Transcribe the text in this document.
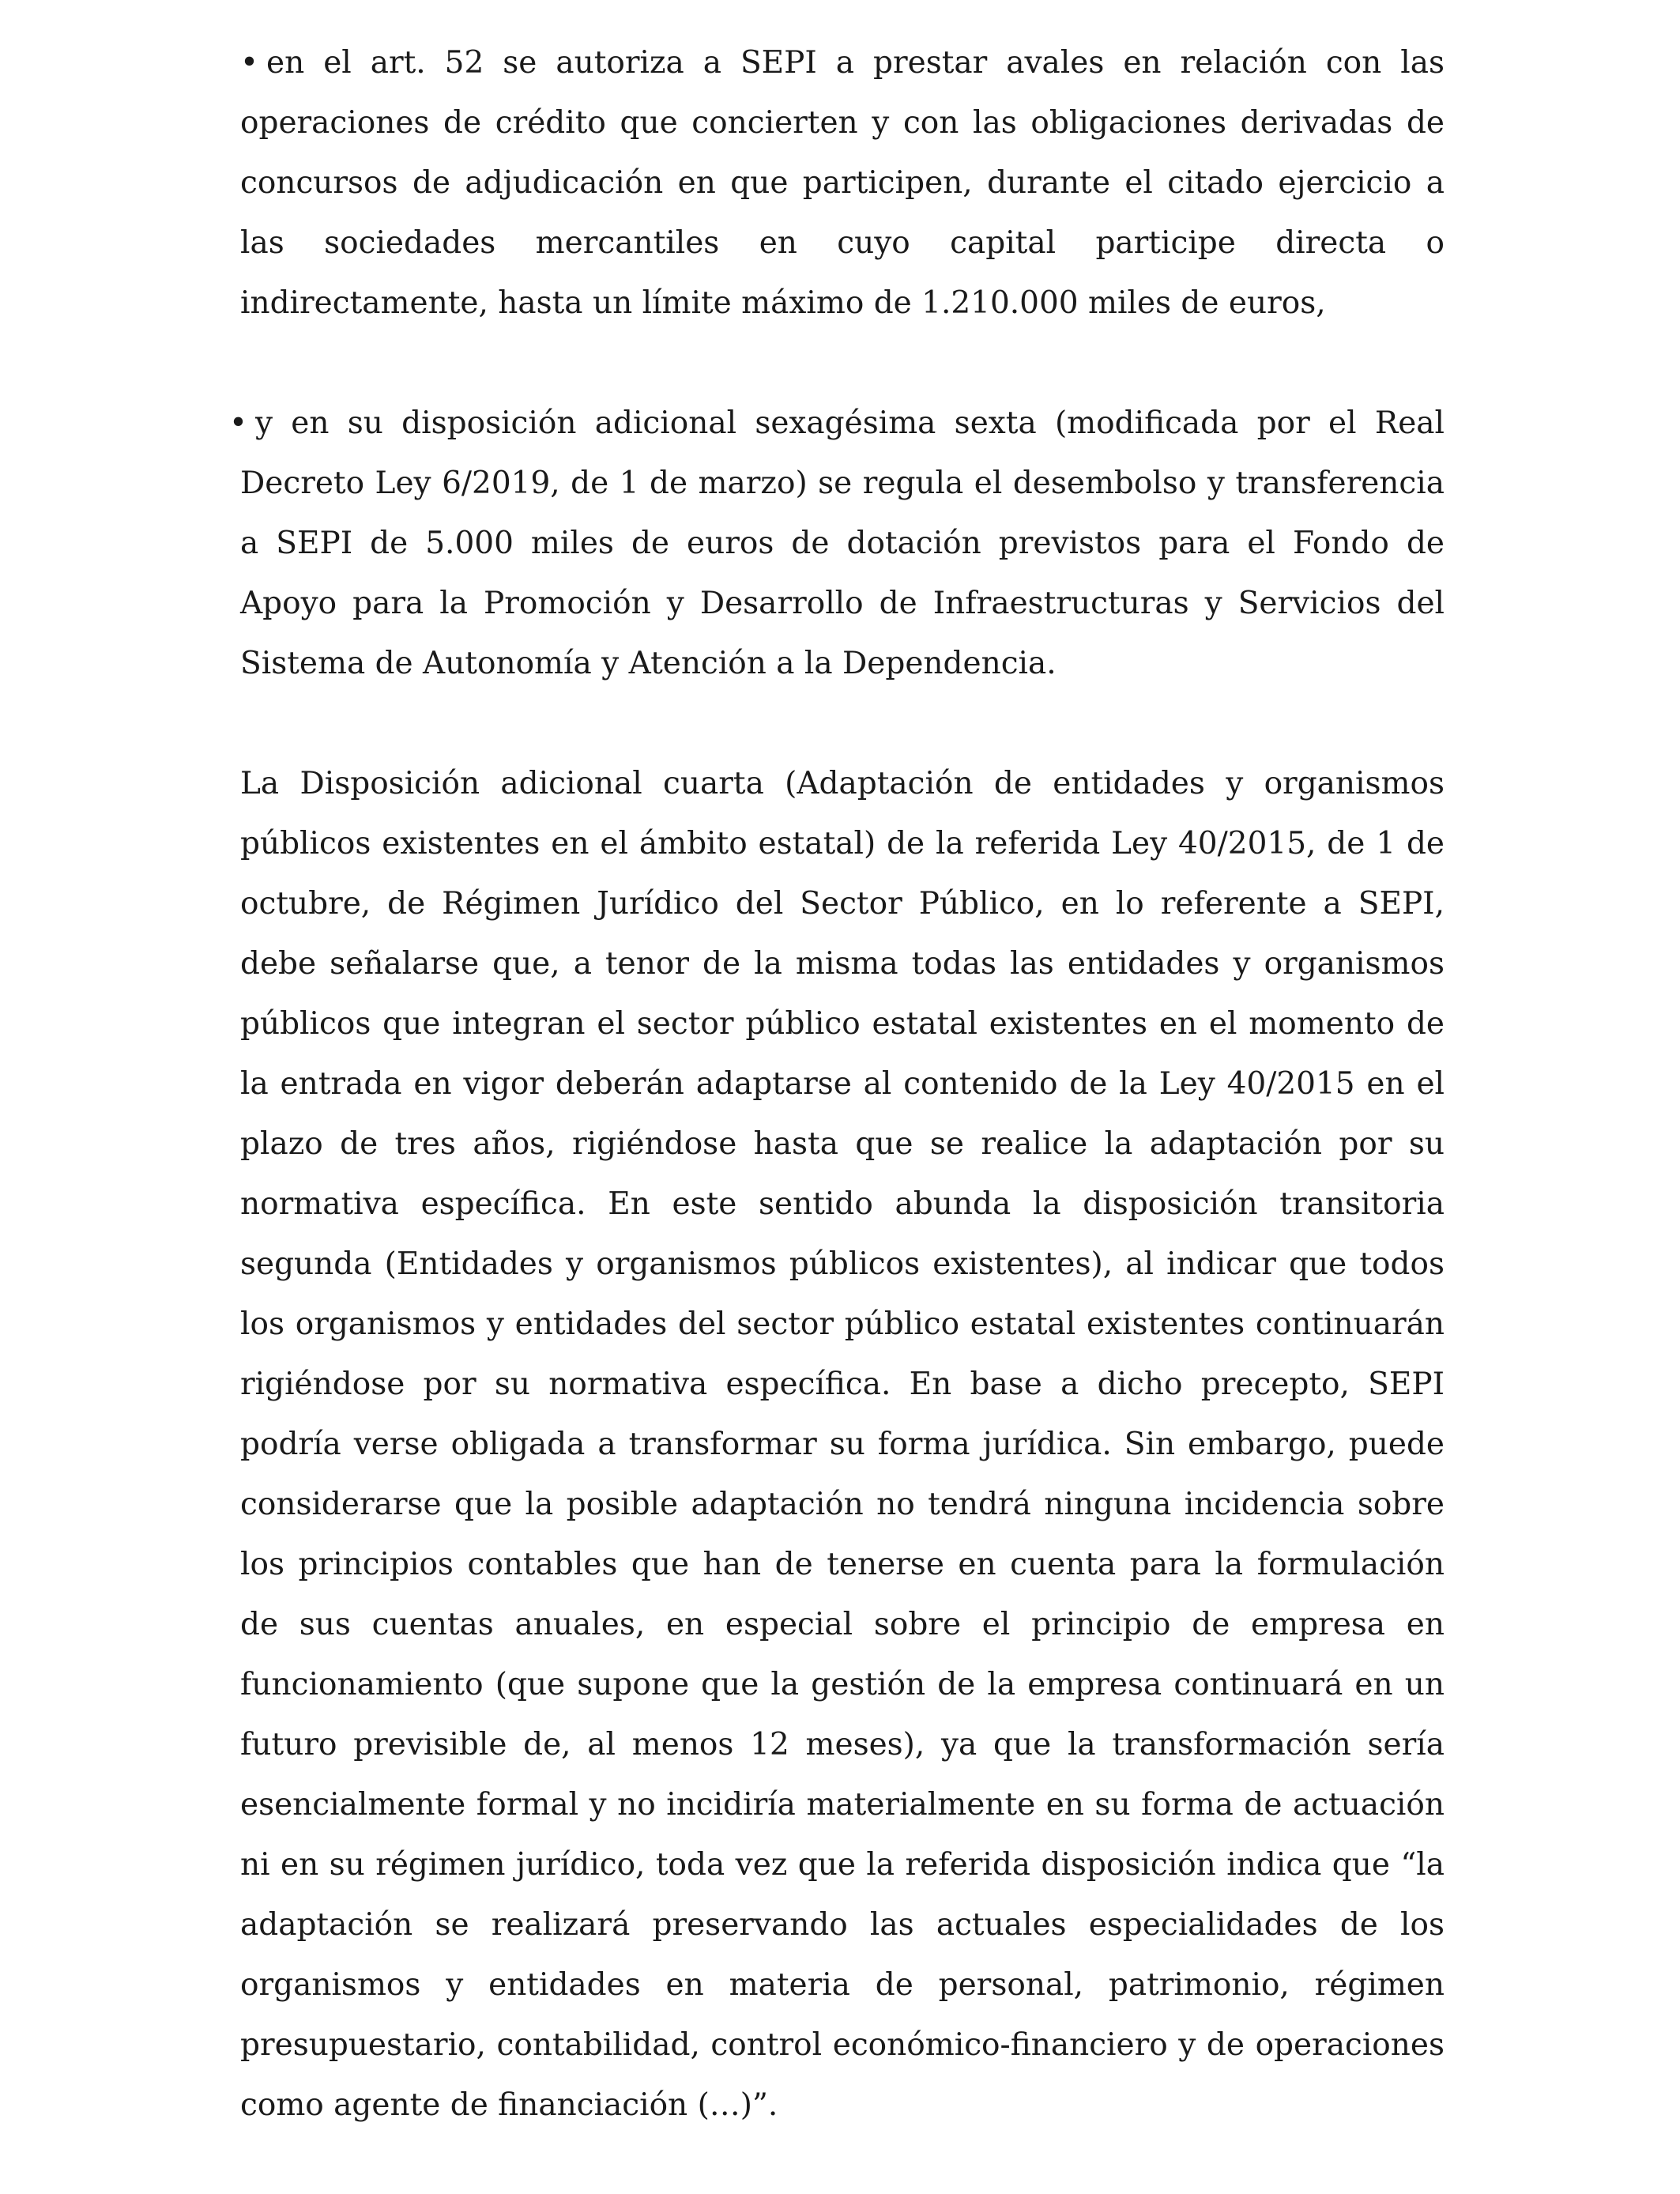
• en el art. 52 se autoriza a SEPI a prestar avales en relación con las operaciones de crédito que concierten y con las obligaciones derivadas de concursos de adjudicación en que participen, durante el citado ejercicio a las sociedades mercantiles en cuyo capital participe directa o indirectamente, hasta un límite máximo de 1.210.000 miles de euros,

• y en su disposición adicional sexagésima sexta (modificada por el Real Decreto Ley 6/2019, de 1 de marzo) se regula el desembolso y transferencia a SEPI de 5.000 miles de euros de dotación previstos para el Fondo de Apoyo para la Promoción y Desarrollo de Infraestructuras y Servicios del Sistema de Autonomía y Atención a la Dependencia.

La Disposición adicional cuarta (Adaptación de entidades y organismos públicos existentes en el ámbito estatal) de la referida Ley 40/2015, de 1 de octubre, de Régimen Jurídico del Sector Público, en lo referente a SEPI, debe señalarse que, a tenor de la misma todas las entidades y organismos públicos que integran el sector público estatal existentes en el momento de la entrada en vigor deberán adaptarse al contenido de la Ley 40/2015 en el plazo de tres años, rigiéndose hasta que se realice la adaptación por su normativa específica. En este sentido abunda la disposición transitoria segunda (Entidades y organismos públicos existentes), al indicar que todos los organismos y entidades del sector público estatal existentes continuarán rigiéndose por su normativa específica. En base a dicho precepto, SEPI podría verse obligada a transformar su forma jurídica. Sin embargo, puede considerarse que la posible adaptación no tendrá ninguna incidencia sobre los principios contables que han de tenerse en cuenta para la formulación de sus cuentas anuales, en especial sobre el principio de empresa en funcionamiento (que supone que la gestión de la empresa continuará en un futuro previsible de, al menos 12 meses), ya que la transformación sería esencialmente formal y no incidiría materialmente en su forma de actuación ni en su régimen jurídico, toda vez que la referida disposición indica que “la adaptación se realizará preservando las actuales especialidades de los organismos y entidades en materia de personal, patrimonio, régimen presupuestario, contabilidad, control económico-financiero y de operaciones como agente de financiación (…)”.
